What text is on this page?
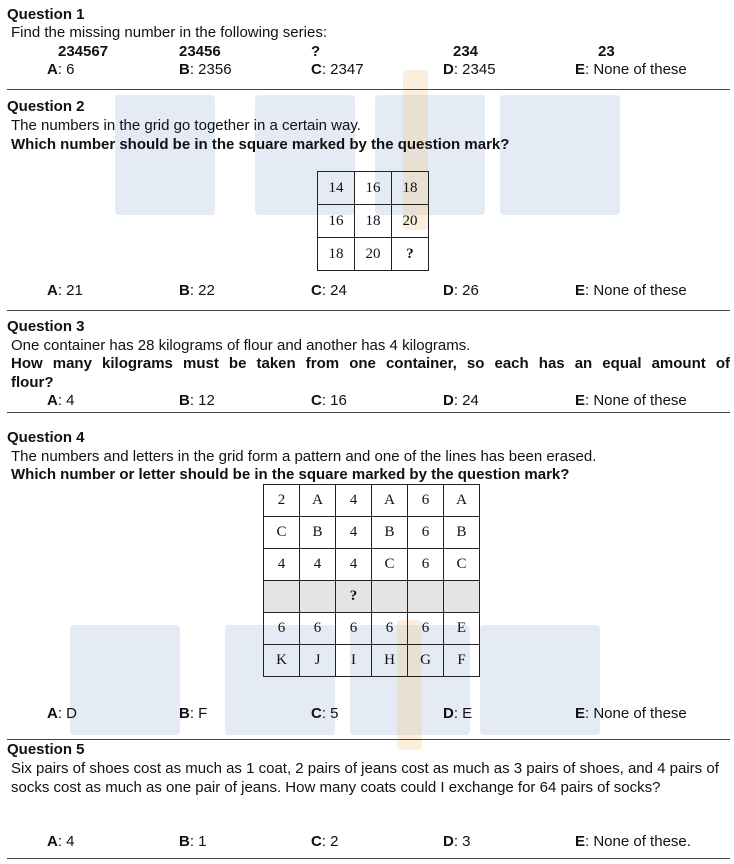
Question 1
Find the missing number in the following series:
234567	23456	?	234	23
A: 6	B: 2356	C: 2347	D: 2345	E: None of these
Question 2
The numbers in the grid go together in a certain way.
Which number should be in the square marked by the question mark?
14	16	18
16	18	20
18	20	?
A: 21	B: 22	C: 24	D: 26	E: None of these
Question 3
One container has 28 kilograms of flour and another has 4 kilograms.
How many kilograms must be taken from one container, so each has an equal amount of
flour?
A: 4	B: 12	C: 16	D: 24	E: None of these
Question 4
The numbers and letters in the grid form a pattern and one of the lines has been erased.
Which number or letter should be in the square marked by the question mark?
2	A	4	A	6	A
C	B	4	B	6	B
4	4	4	C	6	C
		?			
6	6	6	6	6	E
K	J	I	H	G	F
A: D	B: F	C: 5	D: E	E: None of these
Question 5
Six pairs of shoes cost as much as 1 coat, 2 pairs of jeans cost as much as 3 pairs of shoes, and 4 pairs of socks cost as much as one pair of jeans. How many coats could I exchange for 64 pairs of socks?
A: 4	B: 1	C: 2	D: 3	E: None of these.
